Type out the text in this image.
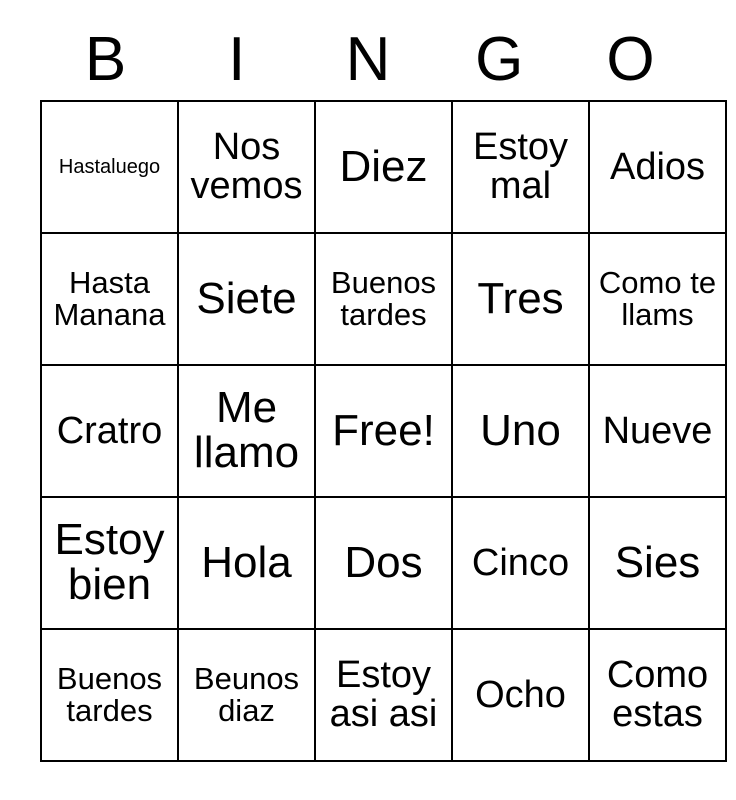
B	I	N	G	O
Hastaluego	Nos vemos	Diez	Estoy mal	Adios
Hasta Manana	Siete	Buenos tardes	Tres	Como te llams
Cratro	Me llamo	Free!	Uno	Nueve
Estoy bien	Hola	Dos	Cinco	Sies
Buenos tardes	Beunos diaz	Estoy asi asi	Ocho	Como estas
